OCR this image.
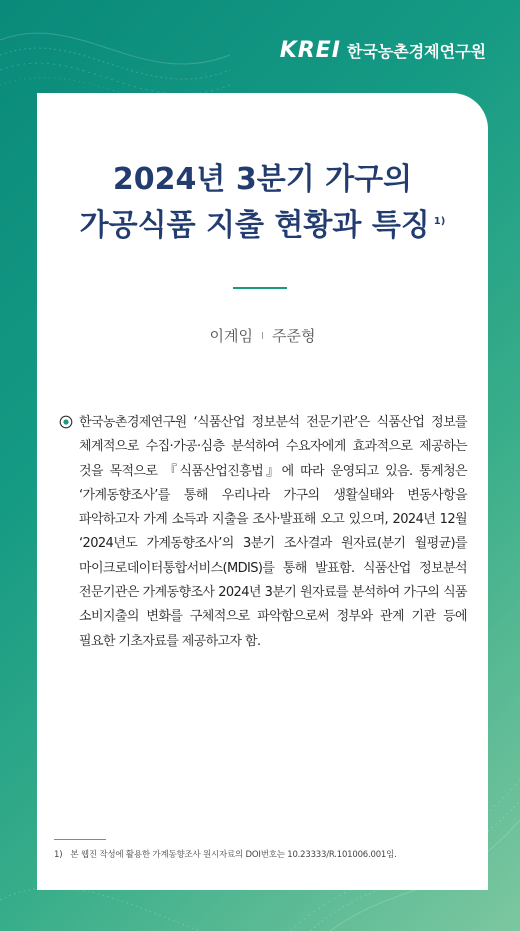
KREI 한국농촌경제연구원
2024년 3분기 가구의
가공식품 지출 현황과 특징 $^{1)}$
이계임 I 주준형
한국농촌경제연구원 ‘식품산업 정보분석 전문기관’은 식품산업 정보를 체계적으로 수집·가공·심층 분석하여 수요자에게 효과적으로 제공하는 것을 목적으로 『식품산업진흥법』에 따라 운영되고 있음. 통계청은 ‘가계동향조사’를 통해 우리나라 가구의 생활실태와 변동사항을 파악하고자 가계 소득과 지출을 조사·발표해 오고 있으며, 2024년 12월 ‘2024년도 가계동향조사’의 3분기 조사결과 원자료(분기 월평균)를 마이크로데이터통합서비스(MDIS)를 통해 발표함. 식품산업 정보분석 전문기관은 가계동향조사 2024년 3분기 원자료를 분석하여 가구의 식품 소비지출의 변화를 구체적으로 파악함으로써 정부와 관계 기관 등에 필요한 기초자료를 제공하고자 함.
1) 본 웹진 작성에 활용한 가계동향조사 원시자료의 DOI번호는 10.23333/R.101006.001임.
